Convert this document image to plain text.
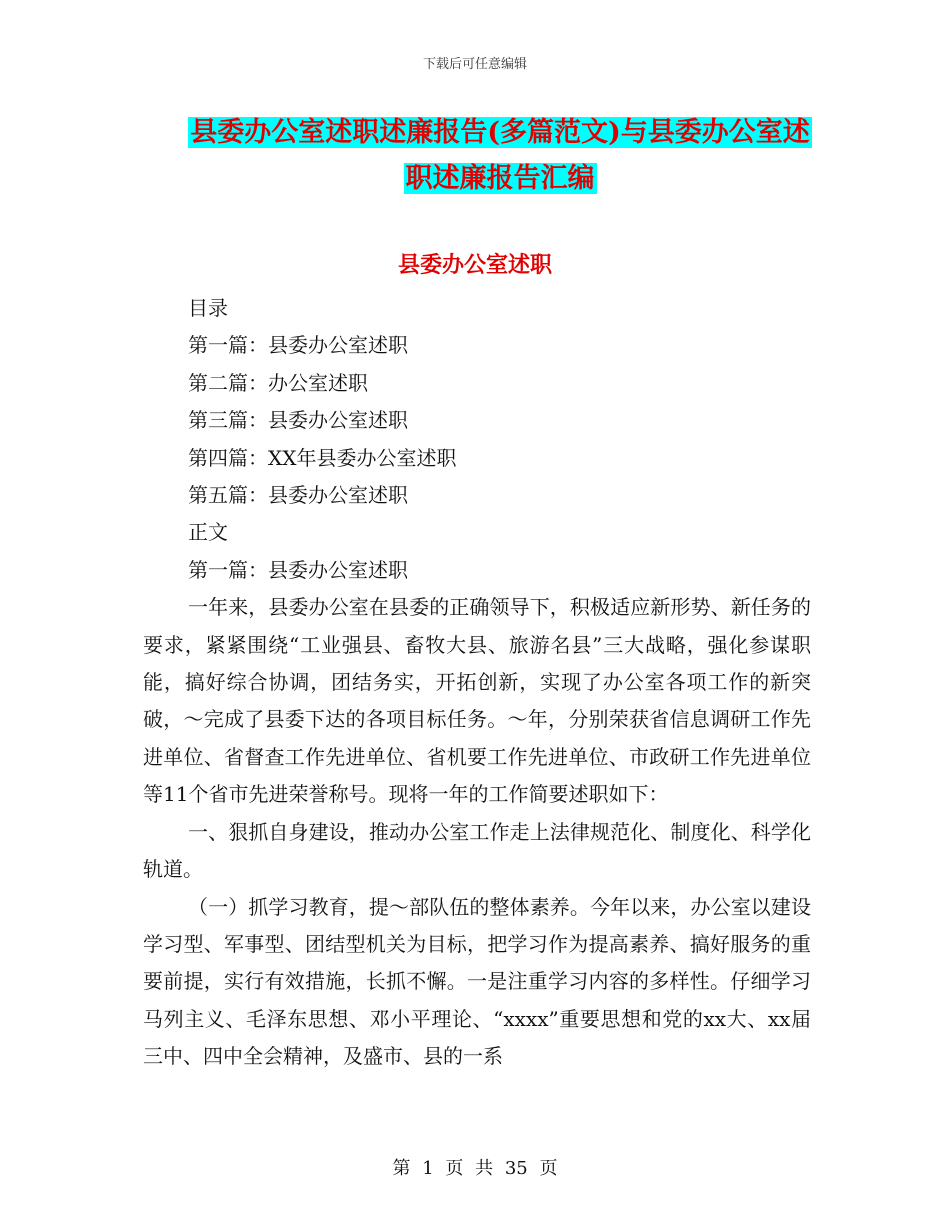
下载后可任意编辑
县委办公室述职述廉报告(多篇范文)与县委办公室述
职述廉报告汇编
县委办公室述职

目录

第一篇：县委办公室述职

第二篇：办公室述职

第三篇：县委办公室述职

第四篇：XX年县委办公室述职

第五篇：县委办公室述职

正文

第一篇：县委办公室述职

一年来，县委办公室在县委的正确领导下，积极适应新形势、新任务的要求，紧紧围绕“工业强县、畜牧大县、旅游名县”三大战略，强化参谋职能，搞好综合协调，团结务实，开拓创新，实现了办公室各项工作的新突破，～完成了县委下达的各项目标任务。～年，分别荣获省信息调研工作先进单位、省督查工作先进单位、省机要工作先进单位、市政研工作先进单位等11个省市先进荣誉称号。现将一年的工作简要述职如下：

一、狠抓自身建设，推动办公室工作走上法律规范化、制度化、科学化轨道。

（一）抓学习教育，提～部队伍的整体素养。今年以来，办公室以建设学习型、军事型、团结型机关为目标，把学习作为提高素养、搞好服务的重要前提，实行有效措施，长抓不懈。一是注重学习内容的多样性。仔细学习马列主义、毛泽东思想、邓小平理论、“xxxx”重要思想和党的xx大、xx届三中、四中全会精神，及盛市、县的一系

第 1 页 共 35 页
